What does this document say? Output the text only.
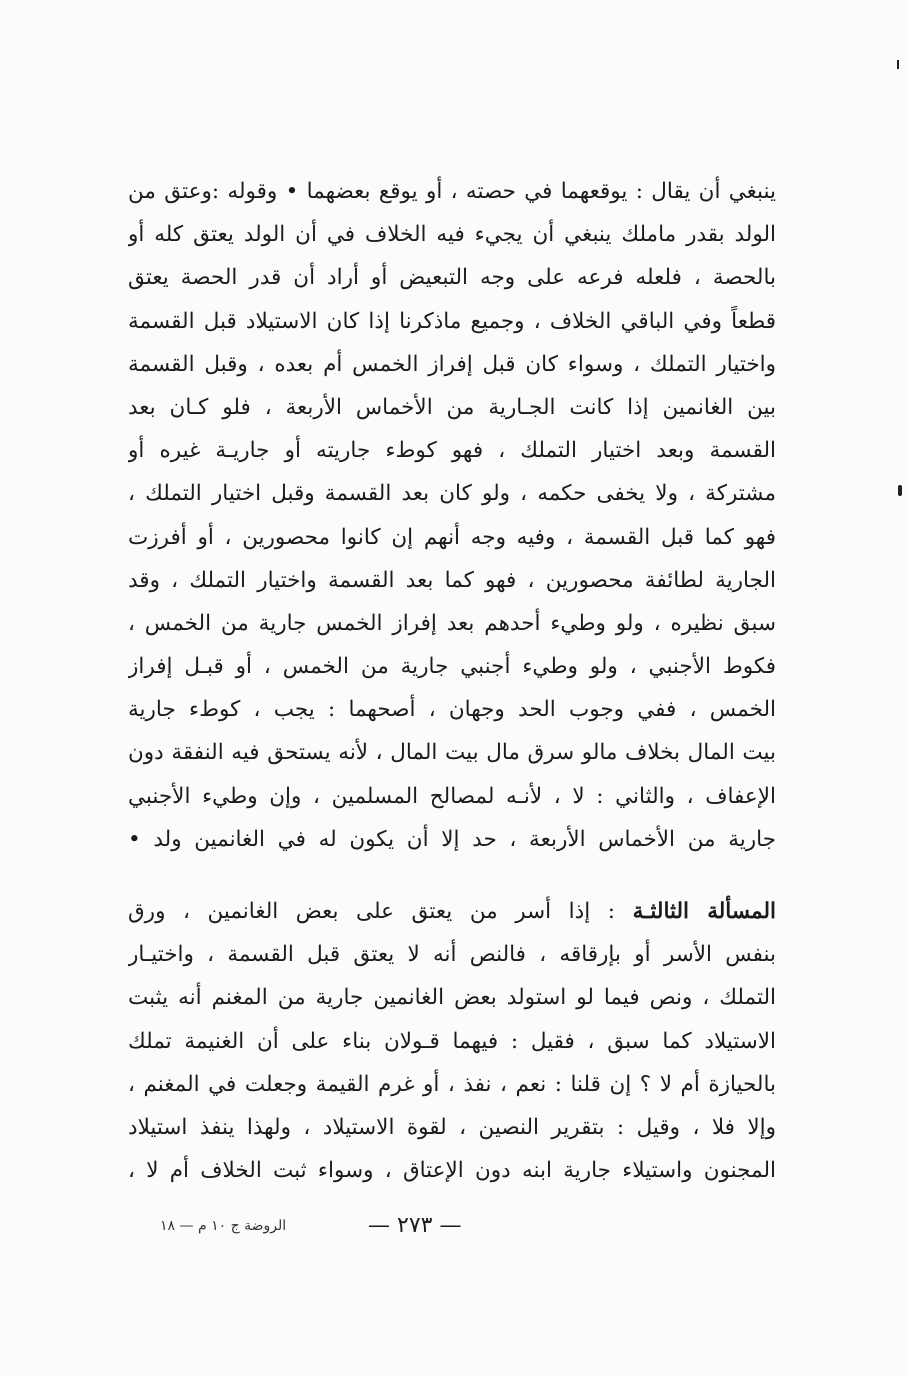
ينبغي أن يقال : يوقعهما في حصته ، أو يوقع بعضهما • وقوله :وعتق من
الولد بقدر ماملك ينبغي أن يجيء فيه الخلاف في أن الولد يعتق كله أو
بالحصة ، فلعله فرعه على وجه التبعيض أو أراد أن قدر الحصة يعتق
قطعاً وفي الباقي الخلاف ، وجميع ماذكرنا إذا كان الاستيلاد قبل القسمة
واختيار التملك ، وسواء كان قبل إفراز الخمس أم بعده ، وقبل القسمة
بين الغانمين إذا كانت الجـارية من الأخماس الأربعة ، فلو كـان بعد
القسمة وبعد اختيار التملك ، فهو كوطء جاريته أو جاريـة غيره أو
مشتركة ، ولا يخفى حكمه ، ولو كان بعد القسمة وقبل اختيار التملك ،
فهو كما قبل القسمة ، وفيه وجه أنهم إن كانوا محصورين ، أو أفرزت
الجارية لطائفة محصورين ، فهو كما بعد القسمة واختيار التملك ، وقد
سبق نظيره ، ولو وطيء أحدهم بعد إفراز الخمس جارية من الخمس ،
فكوط الأجنبي ، ولو وطيء أجنبي جارية من الخمس ، أو قبـل إفراز
الخمس ، ففي وجوب الحد وجهان ، أصحهما : يجب ، كوطء جارية
بيت المال بخلاف مالو سرق مال بيت المال ، لأنه يستحق فيه النفقة دون
الإعفاف ، والثاني : لا ، لأنـه لمصالح المسلمين ، وإن وطيء الأجنبي
جارية من الأخماس الأربعة ، حد إلا أن يكون له في الغانمين ولد •
المسألة الثالثـة : إذا أسر من يعتق على بعض الغانمين ، ورق
بنفس الأسر أو بإرقاقه ، فالنص أنه لا يعتق قبل القسمة ، واختيـار
التملك ، ونص فيما لو استولد بعض الغانمين جارية من المغنم أنه يثبت
الاستيلاد كما سبق ، فقيل : فيهما قـولان بناء على أن الغنيمة تملك
بالحيازة أم لا ؟ إن قلنا : نعم ، نفذ ، أو غرم القيمة وجعلت في المغنم ،
وإلا فلا ، وقيل : بتقرير النصين ، لقوة الاستيلاد ، ولهذا ينفذ استيلاد
المجنون واستيلاء جارية ابنه دون الإعتاق ، وسواء ثبت الخلاف أم لا ،
— ٢٧٣ —
الروضة ج ١٠ م — ١٨
